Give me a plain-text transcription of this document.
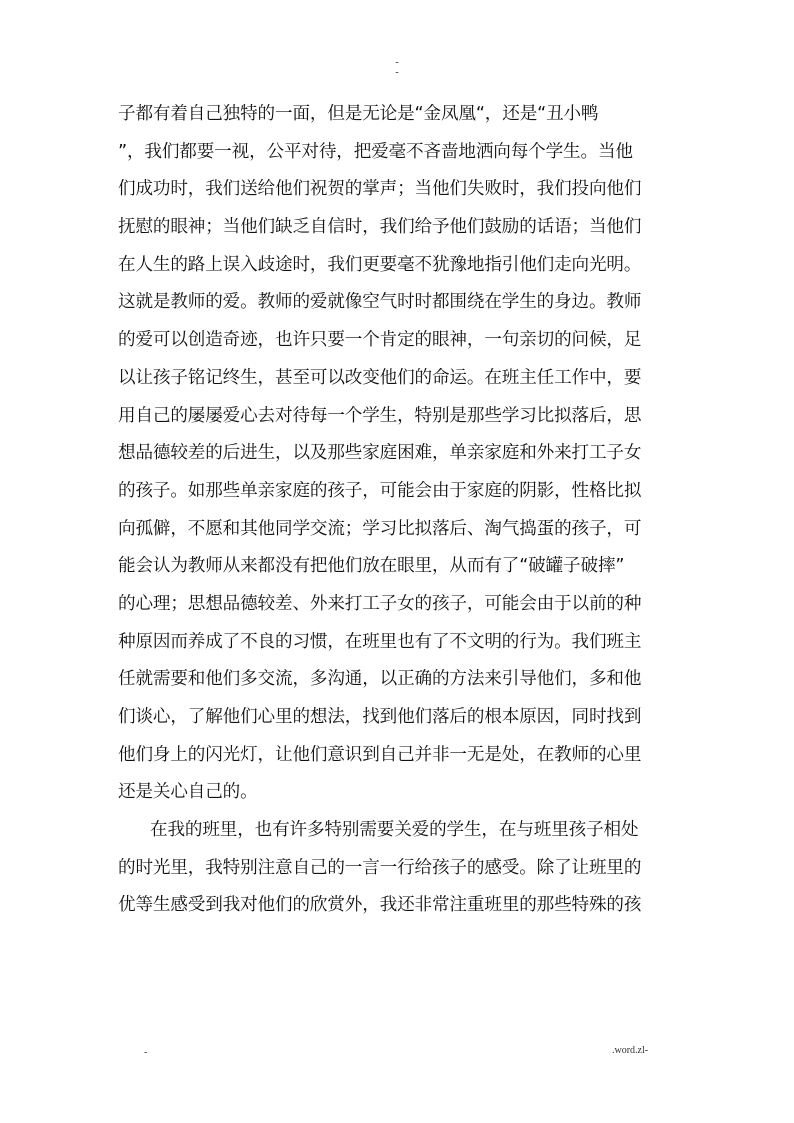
-
-
子都有着自己独特的一面，但是无论是“金凤凰“，还是“丑小鸭
”，我们都要一视，公平对待，把爱毫不吝啬地洒向每个学生。当他
们成功时，我们送给他们祝贺的掌声；当他们失败时，我们投向他们
抚慰的眼神；当他们缺乏自信时，我们给予他们鼓励的话语；当他们
在人生的路上误入歧途时，我们更要毫不犹豫地指引他们走向光明。
这就是教师的爱。教师的爱就像空气时时都围绕在学生的身边。教师
的爱可以创造奇迹，也许只要一个肯定的眼神，一句亲切的问候，足
以让孩子铭记终生，甚至可以改变他们的命运。在班主任工作中，要
用自己的屡屡爱心去对待每一个学生，特别是那些学习比拟落后，思
想品德较差的后进生，以及那些家庭困难，单亲家庭和外来打工子女
的孩子。如那些单亲家庭的孩子，可能会由于家庭的阴影，性格比拟
向孤僻，不愿和其他同学交流；学习比拟落后、淘气捣蛋的孩子，可
能会认为教师从来都没有把他们放在眼里，从而有了“破罐子破摔”
的心理；思想品德较差、外来打工子女的孩子，可能会由于以前的种
种原因而养成了不良的习惯，在班里也有了不文明的行为。我们班主
任就需要和他们多交流，多沟通，以正确的方法来引导他们，多和他
们谈心，了解他们心里的想法，找到他们落后的根本原因，同时找到
他们身上的闪光灯，让他们意识到自己并非一无是处，在教师的心里
还是关心自己的。
在我的班里，也有许多特别需要关爱的学生，在与班里孩子相处
的时光里，我特别注意自己的一言一行给孩子的感受。除了让班里的
优等生感受到我对他们的欣赏外，我还非常注重班里的那些特殊的孩
-	.word.zl-
